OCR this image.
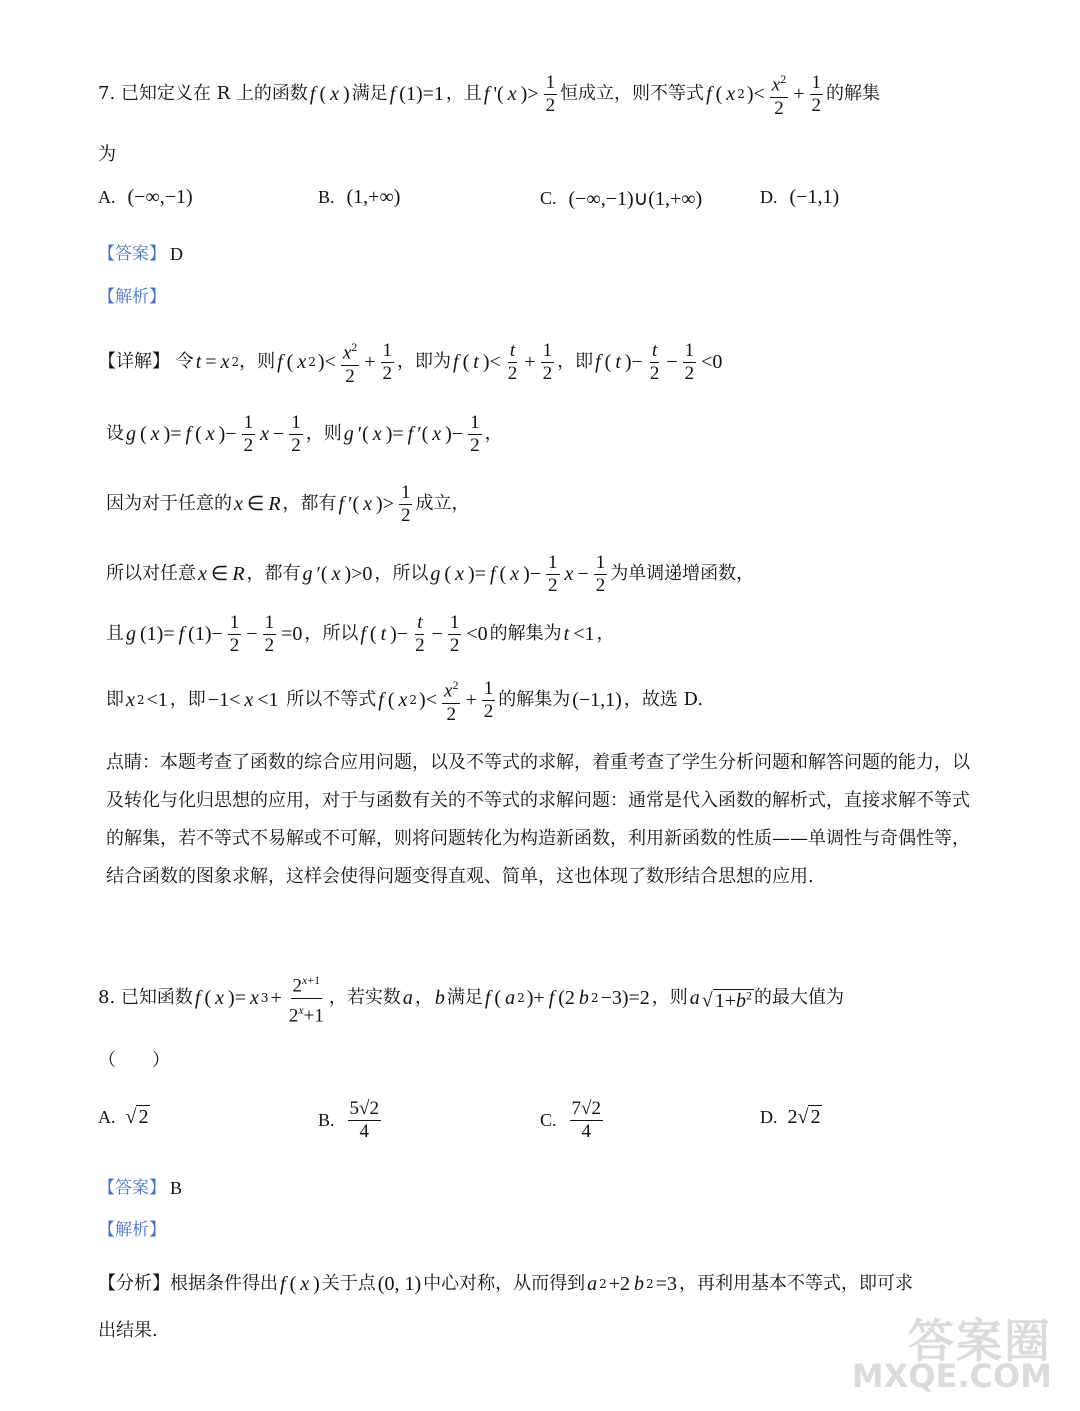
7.
已知定义在 R 上的函数 f ( x ) 满足 f (1)=1 ，且 f '( x )> $\frac{1}{2}$ 恒成立，则不等式 f ( x 2 )< $\frac{x^2}{2} + \frac{1}{2}$ 的解集
为
A. (−∞,−1)	B. (1,+∞)	C. (−∞,−1)∪(1,+∞)	D. (−1,1)
【答案】 D
【解析】
【详解】
令 t = x 2 ，则 f ( x 2 )< $\frac{x^2}{2} + \frac{1}{2}$ ，即为 f ( t )< $\frac{t}{2} + \frac{1}{2}$ ，即 f ( t )− $\frac{t}{2} - \frac{1}{2} <0$
设 g ( x )= f ( x )− $\frac{1}{2}$ $x - \frac{1}{2}$ ，则 g ′( x )= f ′( x )− $\frac{1}{2}$ ，
因为对于任意的 x ∈ R ，都有 f ′( x )> $\frac{1}{2}$ 成立，
所以对任意 x ∈ R ，都有 g ′( x )>0 ，所以 g ( x )= f ( x )− $\frac{1}{2}$ $x - \frac{1}{2}$ 为单调递增函数，
且 g (1)= f $(1)- \frac{1}{2} - \frac{1}{2} =0$ ，所以 f ( t )− $\frac{t}{2} - \frac{1}{2} <0$ 的解集为 t <1 ，
即 x 2 <1 ，即 −1< x <1
所以不等式 f ( x 2 )< $\frac{x^2}{2} + \frac{1}{2}$ 的解集为 (−1,1) ，故选 D.
点睛：本题考查了函数的综合应用问题，以及不等式的求解，着重考查了学生分析问题和解答问题的能力，以及转化与化归思想的应用，对于与函数有关的不等式的求解问题：通常是代入函数的解析式，直接求解不等式的解集，若不等式不易解或不可解，则将问题转化为构造新函数，利用新函数的性质——单调性与奇偶性等，结合函数的图象求解，这样会使得问题变得直观、简单，这也体现了数形结合思想的应用.
8.
已知函数 f ( x )= x $3 + \frac{2^{x+1}}{2^x+1}$ ，若实数 a ， b 满足 f ( a 2 )+ f (2 b 2 −3)=2 ，则 a √ $1+b^2$ 的最大值为
（　　）
A. √ 2	B. $\frac{5√2}{4}$	C. $\frac{7√2}{4}$	D. 2√ 2
【答案】 B
【解析】
【分析】 根据条件得出 f ( x ) 关于点 (0, 1) 中心对称，从而得到 a 2 +2 b 2 =3 ，再利用基本不等式，即可求
出结果.	答案圈
MXQE.COM
